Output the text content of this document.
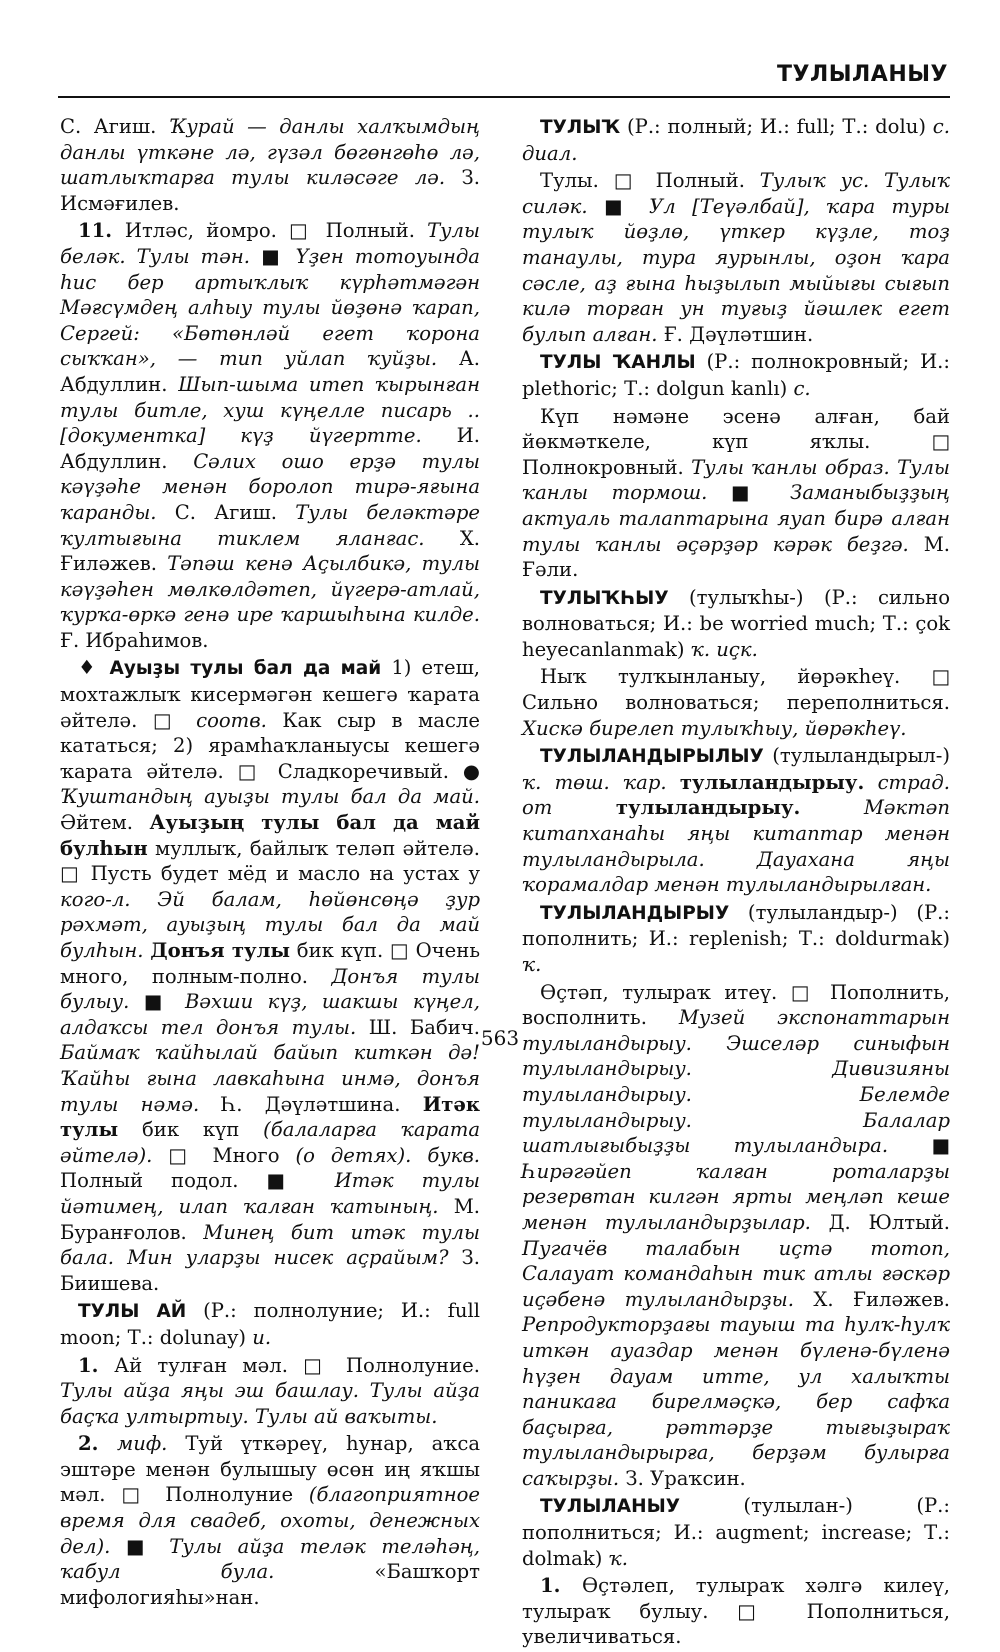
ТУЛЫЛАНЫУ

С. Агиш. Ҡурай — данлы халҡымдың данлы үткәне лә, гүзәл бөгөнгөһө лә, шатлыҡтарға тулы киләсәге лә. З. Исмәғилев.

11. Итләс, йомро. □ Полный. Тулы беләк. Тулы тән. ■ Үҙен тотоуында һис бер артыҡлыҡ күрһәтмәгән Мәғсүмдең алһыу тулы йөҙөнә ҡарап, Сергей: «Бөтөнләй егет ҡорона сыҡҡан», — тип уйлап ҡуйҙы. А. Абдуллин. Шып-шыма итеп ҡырынған тулы битле, хуш күңелле писарь .. [документка] күҙ йүгертте. И. Абдуллин. Сәлих ошо ерҙә тулы кәүҙәһе менән боролоп тирә-яғына ҡаранды. С. Агиш. Тулы беләктәре ҡултығына тиклем яланғас. Х. Ғиләжев. Тәпәш кенә Аҫылбикә, тулы кәүҙәһен мөлкөлдәтеп, йүгерә-атлай, ҡурҡа-өркә генә ире ҡаршыһына килде. Ғ. Ибраһимов.

♦ Ауыҙы тулы бал да май 1) етеш, мохтажлыҡ кисермәгән кешегә ҡарата әйтелә. □ соотв. Как сыр в масле кататься; 2) ярамһаҡланыусы кешегә ҡарата әйтелә. □ Сладкоречивый. ● Ҡуштандың ауыҙы тулы бал да май. Әйтем. Ауыҙың тулы бал да май булһын муллыҡ, байлыҡ теләп әйтелә. □ Пусть будет мёд и масло на устах у кого-л. Эй балам, һөйөнсөңә ҙур рәхмәт, ауыҙың тулы бал да май булһын. Донъя тулы бик күп. □ Очень много, полным-полно. Донъя тулы булыу. ■ Вәхши күҙ, шакшы күңел, алдаҡсы тел донъя тулы. Ш. Бабич. Баймаҡ ҡайһылай байып киткән дә! Ҡайһы ғына лавкаһына инмә, донъя тулы нәмә. Һ. Дәүләтшина. Итәк тулы бик күп (балаларға ҡарата әйтелә). □ Много (о детях). букв. Полный подол. ■ Итәк тулы йәтимең, илап ҡалған ҡатының. М. Буранғолов. Минең бит итәк тулы бала. Мин уларҙы нисек аҫрайым? З. Биишева.

ТУЛЫ АЙ (Р.: полнолуние; И.: full moon; Т.: dolunay) и.

1. Ай тулған мәл. □ Полнолуние. Тулы айҙа яңы эш башлау. Тулы айҙа баҫҡа ултыртыу. Тулы ай ваҡыты.

2. миф. Туй үткәреү, һунар, аҡса эштәре менән булышыу өсөн иң яҡшы мәл. □ Полнолуние (благоприятное время для свадеб, охоты, денежных дел). ■ Тулы айҙа теләк теләһәң, ҡабул була. «Башҡорт мифологияһы»нан.

ТУЛЫҠ (Р.: полный; И.: full; Т.: dolu) с. диал.

Тулы. □ Полный. Тулыҡ ус. Тулыҡ силәк. ■ Ул [Теүәлбай], ҡара туры тулыҡ йөҙлө, үткер күҙле, тоҙ танаулы, тура яурынлы, оҙон ҡара сәсле, аҙ ғына һыҙылып мыйығы сығып килә торған ун туғыҙ йәшлек егет булып алған. Ғ. Дәүләтшин.

ТУЛЫ ҠАНЛЫ (Р.: полнокровный; И.: plethoric; Т.: dolgun kanlı) с.

Күп нәмәне эсенә алған, бай йөкмәткеле, күп яҡлы. □ Полнокровный. Тулы ҡанлы образ. Тулы ҡанлы тормош. ■ Заманыбыҙҙың актуаль талаптарына яуап бирә алған тулы ҡанлы әҫәрҙәр кәрәк беҙгә. М. Ғәли.

ТУЛЫҠҺЫУ (тулыҡһы-) (Р.: сильно волноваться; И.: be worried much; Т.: çok heyecanlanmak) ҡ. иҫк.

Ныҡ тулҡынланыу, йөрәкһеү. □ Сильно волноваться; переполниться. Хискә бирелеп тулыҡһыу, йөрәкһеү.

ТУЛЫЛАНДЫРЫЛЫУ (тулыландырыл-) ҡ. төш. ҡар. тулыландырыу. страд. от	тулыландырыу.	Мәктәп китапханаһы яңы китаптар менән тулыландырыла. Дауахана яңы ҡорамалдар менән тулыландырылған.

ТУЛЫЛАНДЫРЫУ (тулыландыр-) (Р.: пополнить; И.: replenish; Т.: doldurmak) ҡ.

Өҫтәп, тулыраҡ итеү. □ Пополнить, восполнить. Музей экспонаттарын тулыландырыу. Эшселәр синыфын тулыландырыу. Дивизияны тулыландырыу. Белемде тулыландырыу. Балалар шатлығыбыҙҙы тулыландыра. ■ Һирәгәйеп ҡалған роталарҙы резервтан килгән ярты меңләп кеше менән тулыландырҙылар. Д. Юлтый. Пугачёв талабын иҫтә тотоп, Салауат командаһын тик атлы ғәскәр иҫәбенә тулыландырҙы. Х. Ғиләжев. Репродукторҙағы тауыш та һулҡ-һулҡ иткән ауаздар менән бүленә-бүленә һүҙен дауам итте, ул халыҡты паникаға бирелмәҫкә, бер сафҡа баҫырға, рәттәрҙе тығыҙыраҡ тулыландырырға, берҙәм булырға саҡырҙы. З. Ураҡсин.

ТУЛЫЛАНЫУ (тулылан-) (Р.: пополниться; И.: augment; increase; Т.: dolmak) ҡ.

1. Өҫтәлеп, тулыраҡ хәлгә килеү, тулыраҡ булыу. □ Пополниться, увеличиваться.

563
